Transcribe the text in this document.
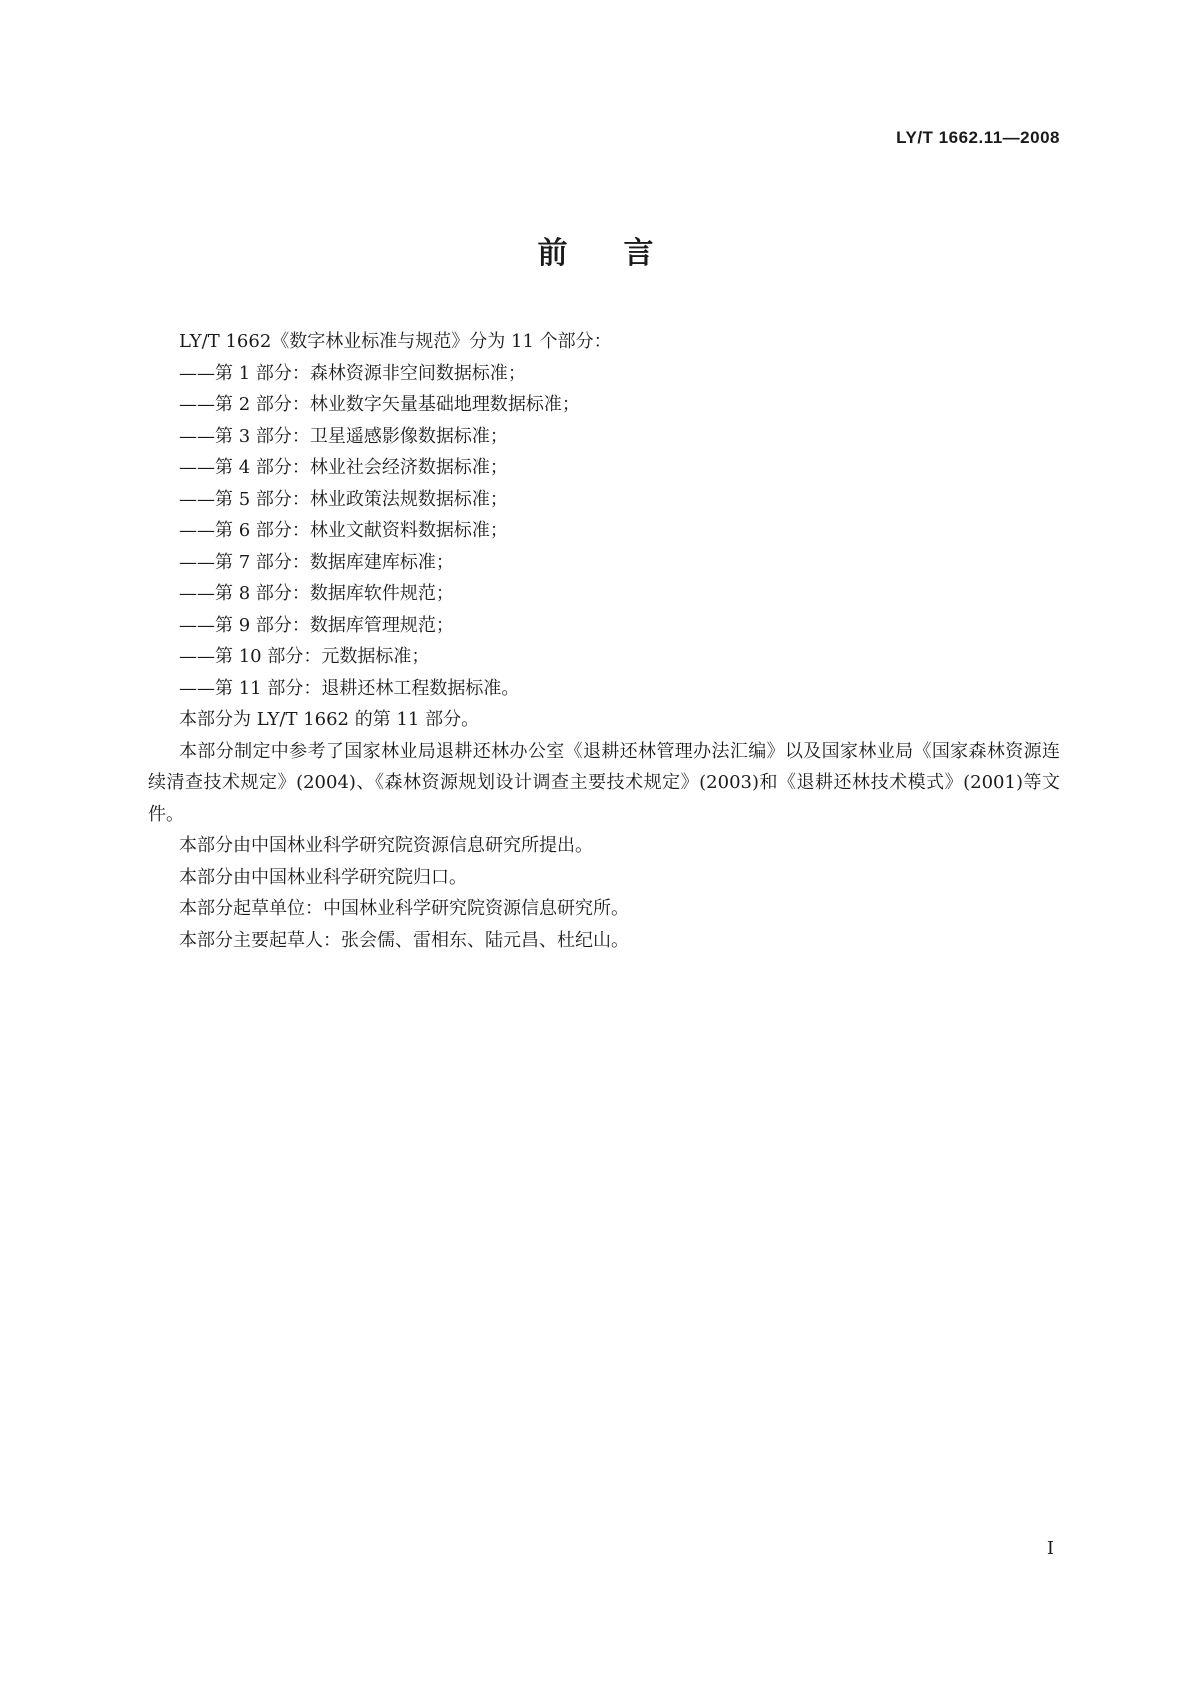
LY/T 1662.11—2008
前言

LY/T 1662《数字林业标准与规范》分为 11 个部分：

——第 1 部分：森林资源非空间数据标准；

——第 2 部分：林业数字矢量基础地理数据标准；

——第 3 部分：卫星遥感影像数据标准；

——第 4 部分：林业社会经济数据标准；

——第 5 部分：林业政策法规数据标准；

——第 6 部分：林业文献资料数据标准；

——第 7 部分：数据库建库标准；

——第 8 部分：数据库软件规范；

——第 9 部分：数据库管理规范；

——第 10 部分：元数据标准；

——第 11 部分：退耕还林工程数据标准。

本部分为 LY/T 1662 的第 11 部分。

本部分制定中参考了国家林业局退耕还林办公室《退耕还林管理办法汇编》以及国家林业局《国家森林资源连续清查技术规定》(2004)、《森林资源规划设计调查主要技术规定》(2003)和《退耕还林技术模式》(2001)等文件。

本部分由中国林业科学研究院资源信息研究所提出。

本部分由中国林业科学研究院归口。

本部分起草单位：中国林业科学研究院资源信息研究所。

本部分主要起草人：张会儒、雷相东、陆元昌、杜纪山。

I
